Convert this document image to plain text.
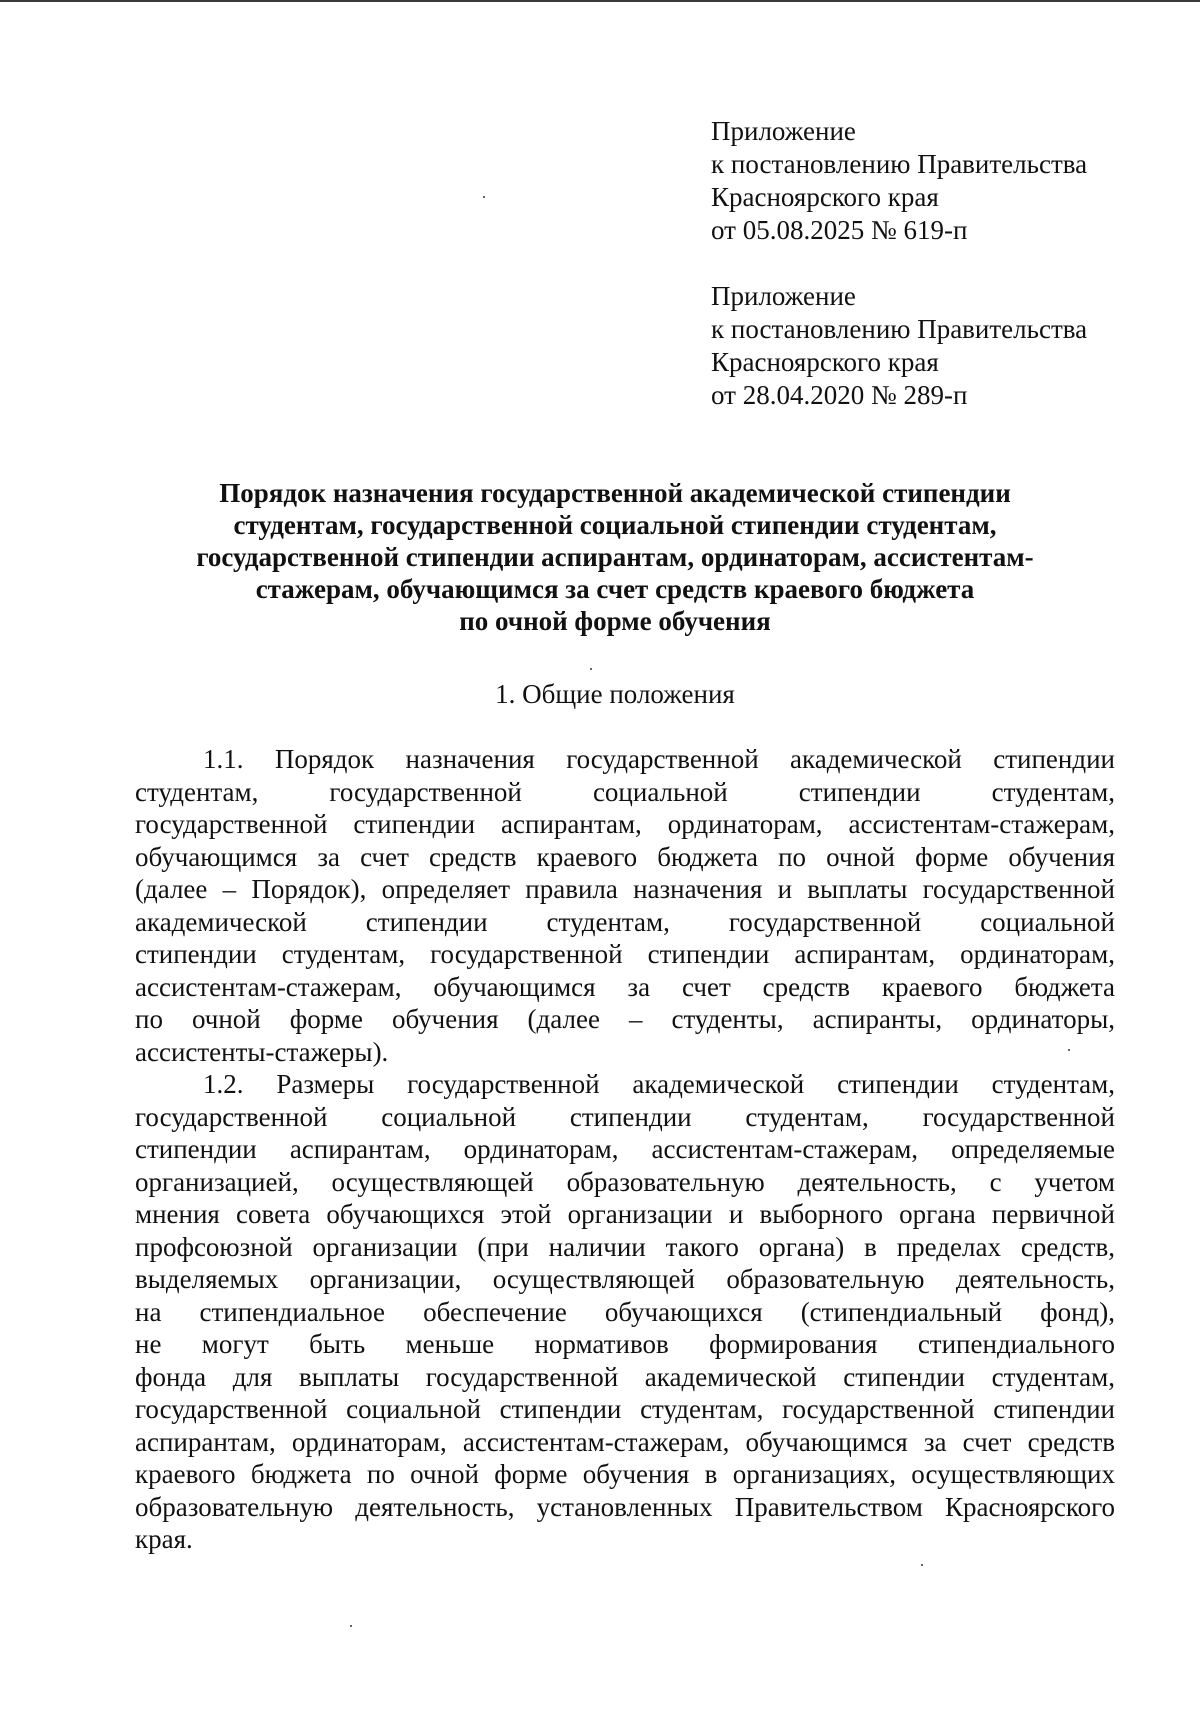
Приложение
к постановлению Правительства
Красноярского края
от 05.08.2025 № 619-п
Приложение
к постановлению Правительства
Красноярского края
от 28.04.2020 № 289-п
Порядок назначения государственной академической стипендии
студентам, государственной социальной стипендии студентам,
государственной стипендии аспирантам, ординаторам, ассистентам-
стажерам, обучающимся за счет средств краевого бюджета
по очной форме обучения
1. Общие положения
1.1. Порядок назначения государственной академической стипендии
студентам, государственной социальной стипендии студентам,
государственной стипендии аспирантам, ординаторам, ассистентам-стажерам,
обучающимся за счет средств краевого бюджета по очной форме обучения
(далее – Порядок), определяет правила назначения и выплаты государственной
академической стипендии студентам, государственной социальной
стипендии студентам, государственной стипендии аспирантам, ординаторам,
ассистентам-стажерам, обучающимся за счет средств краевого бюджета
по очной форме обучения (далее – студенты, аспиранты, ординаторы,
ассистенты-стажеры).
1.2. Размеры государственной академической стипендии студентам,
государственной социальной стипендии студентам, государственной
стипендии аспирантам, ординаторам, ассистентам-стажерам, определяемые
организацией, осуществляющей образовательную деятельность, с учетом
мнения совета обучающихся этой организации и выборного органа первичной
профсоюзной организации (при наличии такого органа) в пределах средств,
выделяемых организации, осуществляющей образовательную деятельность,
на стипендиальное обеспечение обучающихся (стипендиальный фонд),
не могут быть меньше нормативов формирования стипендиального
фонда для выплаты государственной академической стипендии студентам,
государственной социальной стипендии студентам, государственной стипендии
аспирантам, ординаторам, ассистентам-стажерам, обучающимся за счет средств
краевого бюджета по очной форме обучения в организациях, осуществляющих
образовательную деятельность, установленных Правительством Красноярского
края.
